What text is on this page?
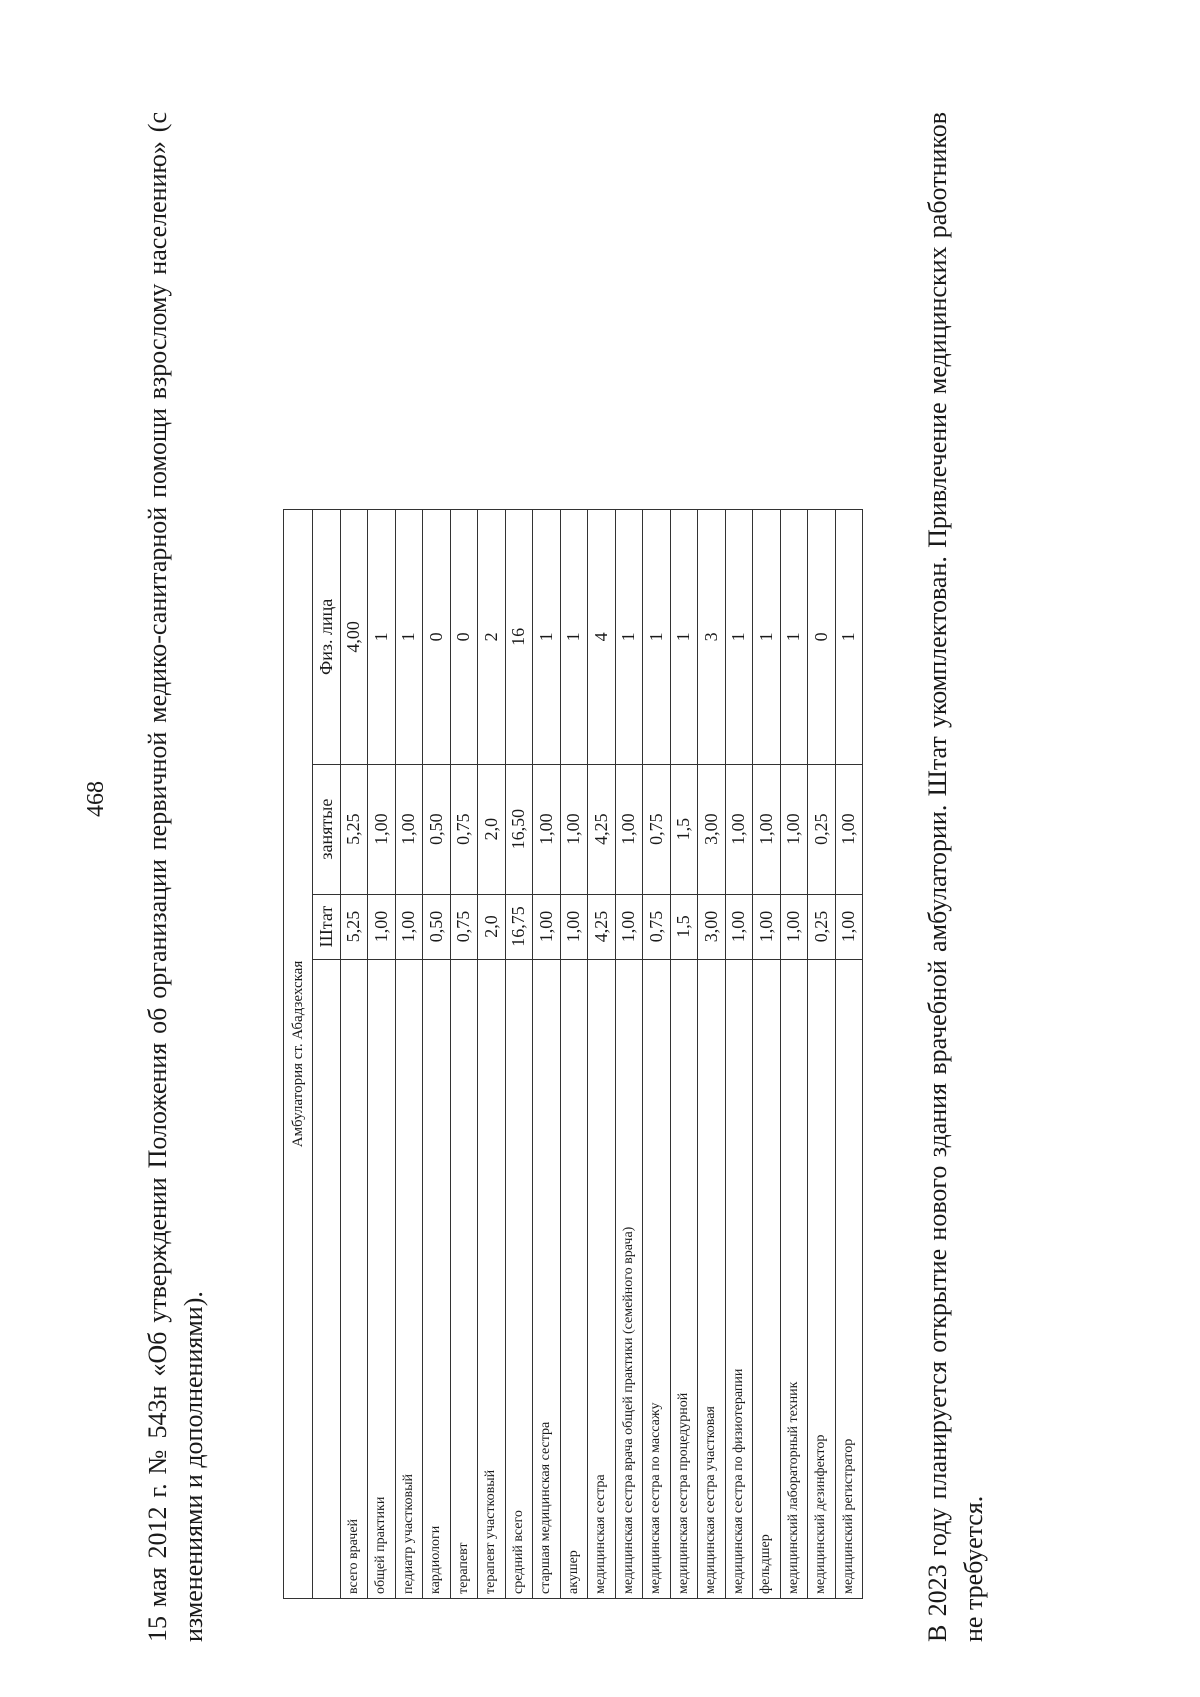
468 15 мая 2012 г. № 543н «Об утверждении Положения об организации первичной медико-санитарной помощи взрослому населению» (с изменениями и дополнениями).

Амбулатория ст. Абадзехская			
	Штат	занятые	Физ. лица
всего врачей	5,25	5,25	4,00
общей практики	1,00	1,00	1
педиатр участковый	1,00	1,00	1
кардиологи	0,50	0,50	0
терапевт	0,75	0,75	0
терапевт участковый	2,0	2,0	2
средний всего	16,75	16,50	16
старшая медицинская сестра	1,00	1,00	1
акушер	1,00	1,00	1
медицинская сестра	4,25	4,25	4
медицинская сестра врача общей практики (семейного врача)	1,00	1,00	1
медицинская сестра по массажу	0,75	0,75	1
медицинская сестра процедурной	1,5	1,5	1
медицинская сестра участковая	3,00	3,00	3
медицинская сестра по физиотерапии	1,00	1,00	1
фельдшер	1,00	1,00	1
медицинский лабораторный техник	1,00	1,00	1
медицинский дезинфектор	0,25	0,25	0
медицинский регистратор	1,00	1,00	1 В 2023 году планируется открытие нового здания врачебной амбулатории. Штат укомплектован. Привлечение медицинских работников не требуется.
